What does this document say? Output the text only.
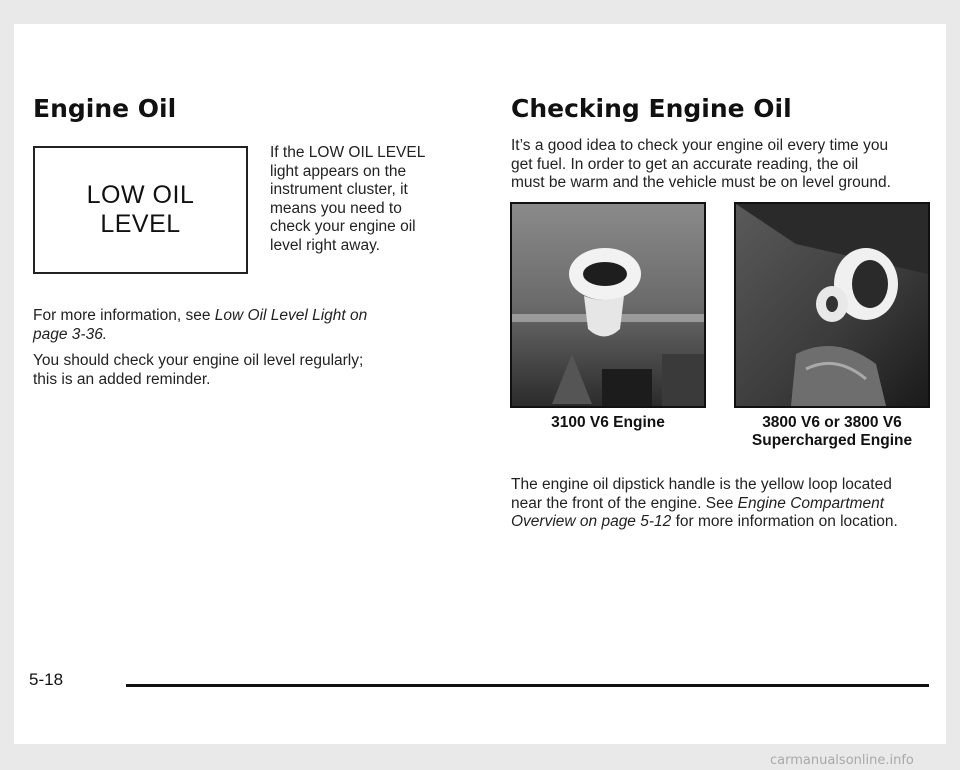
Engine Oil
LOW OIL
LEVEL

If the LOW OIL LEVEL
light appears on the
instrument cluster, it
means you need to
check your engine oil
level right away.

For more information, see Low Oil Level Light on
page 3-36.

You should check your engine oil level regularly;
this is an added reminder.

Checking Engine Oil

It’s a good idea to check your engine oil every time you
get fuel. In order to get an accurate reading, the oil
must be warm and the vehicle must be on level ground.

3100 V6 Engine	3800 V6 or 3800 V6
Supercharged Engine

The engine oil dipstick handle is the yellow loop located
near the front of the engine. See Engine Compartment
Overview on page 5-12 for more information on location.

5-18
carmanualsonline.info
